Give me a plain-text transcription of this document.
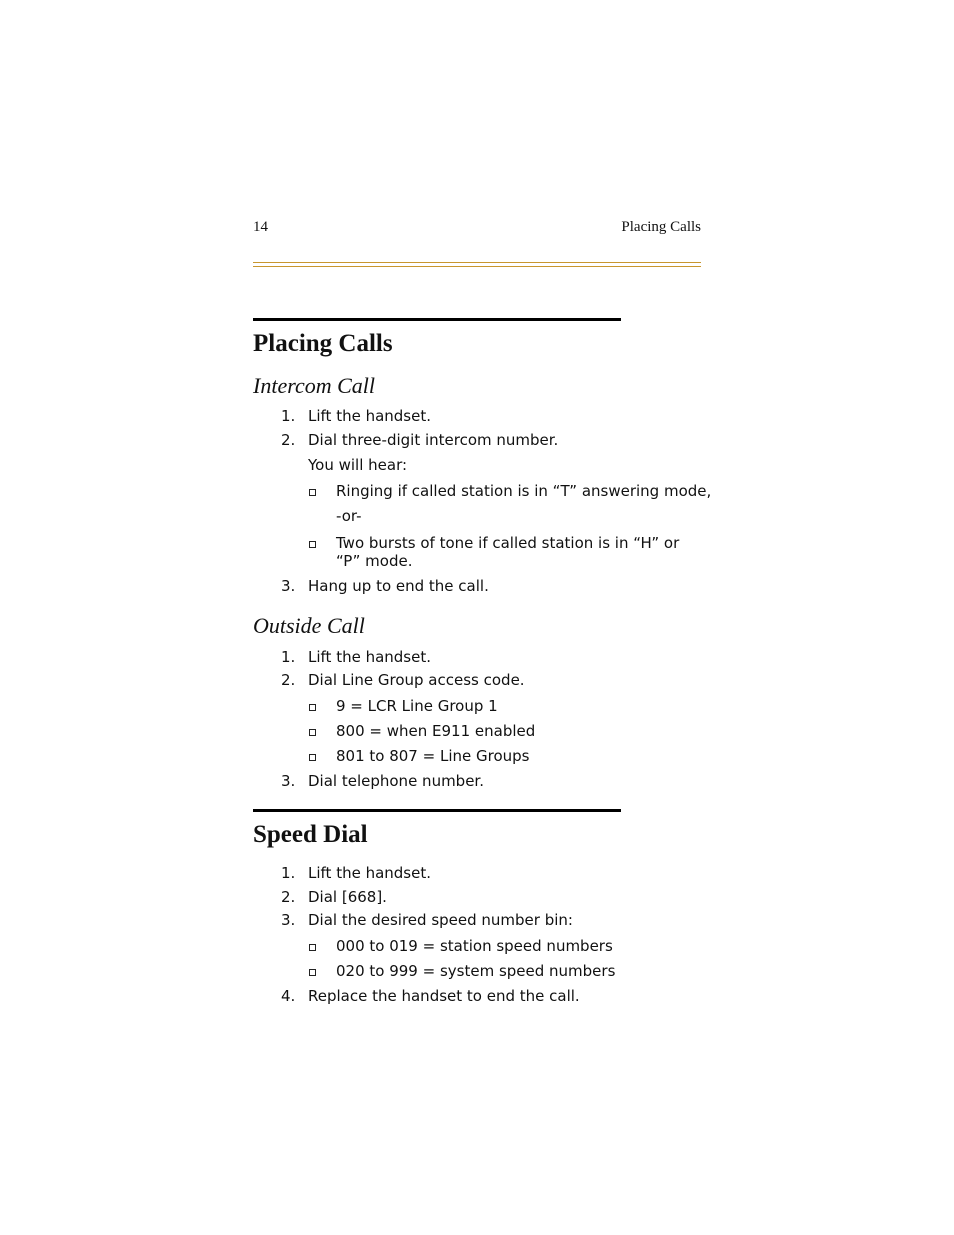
14	Placing Calls
Placing Calls
Intercom Call
1. Lift the handset.
2. Dial three-digit intercom number.
You will hear:
Ringing if called station is in “T” answering mode,
-or-
Two bursts of tone if called station is in “H” or “P” mode.
3. Hang up to end the call.
Outside Call
1. Lift the handset.
2. Dial Line Group access code.
9 = LCR Line Group 1
800 = when E911 enabled
801 to 807 = Line Groups
3. Dial telephone number.
Speed Dial
1. Lift the handset.
2. Dial [668].
3. Dial the desired speed number bin:
000 to 019 = station speed numbers
020 to 999 = system speed numbers
4. Replace the handset to end the call.
